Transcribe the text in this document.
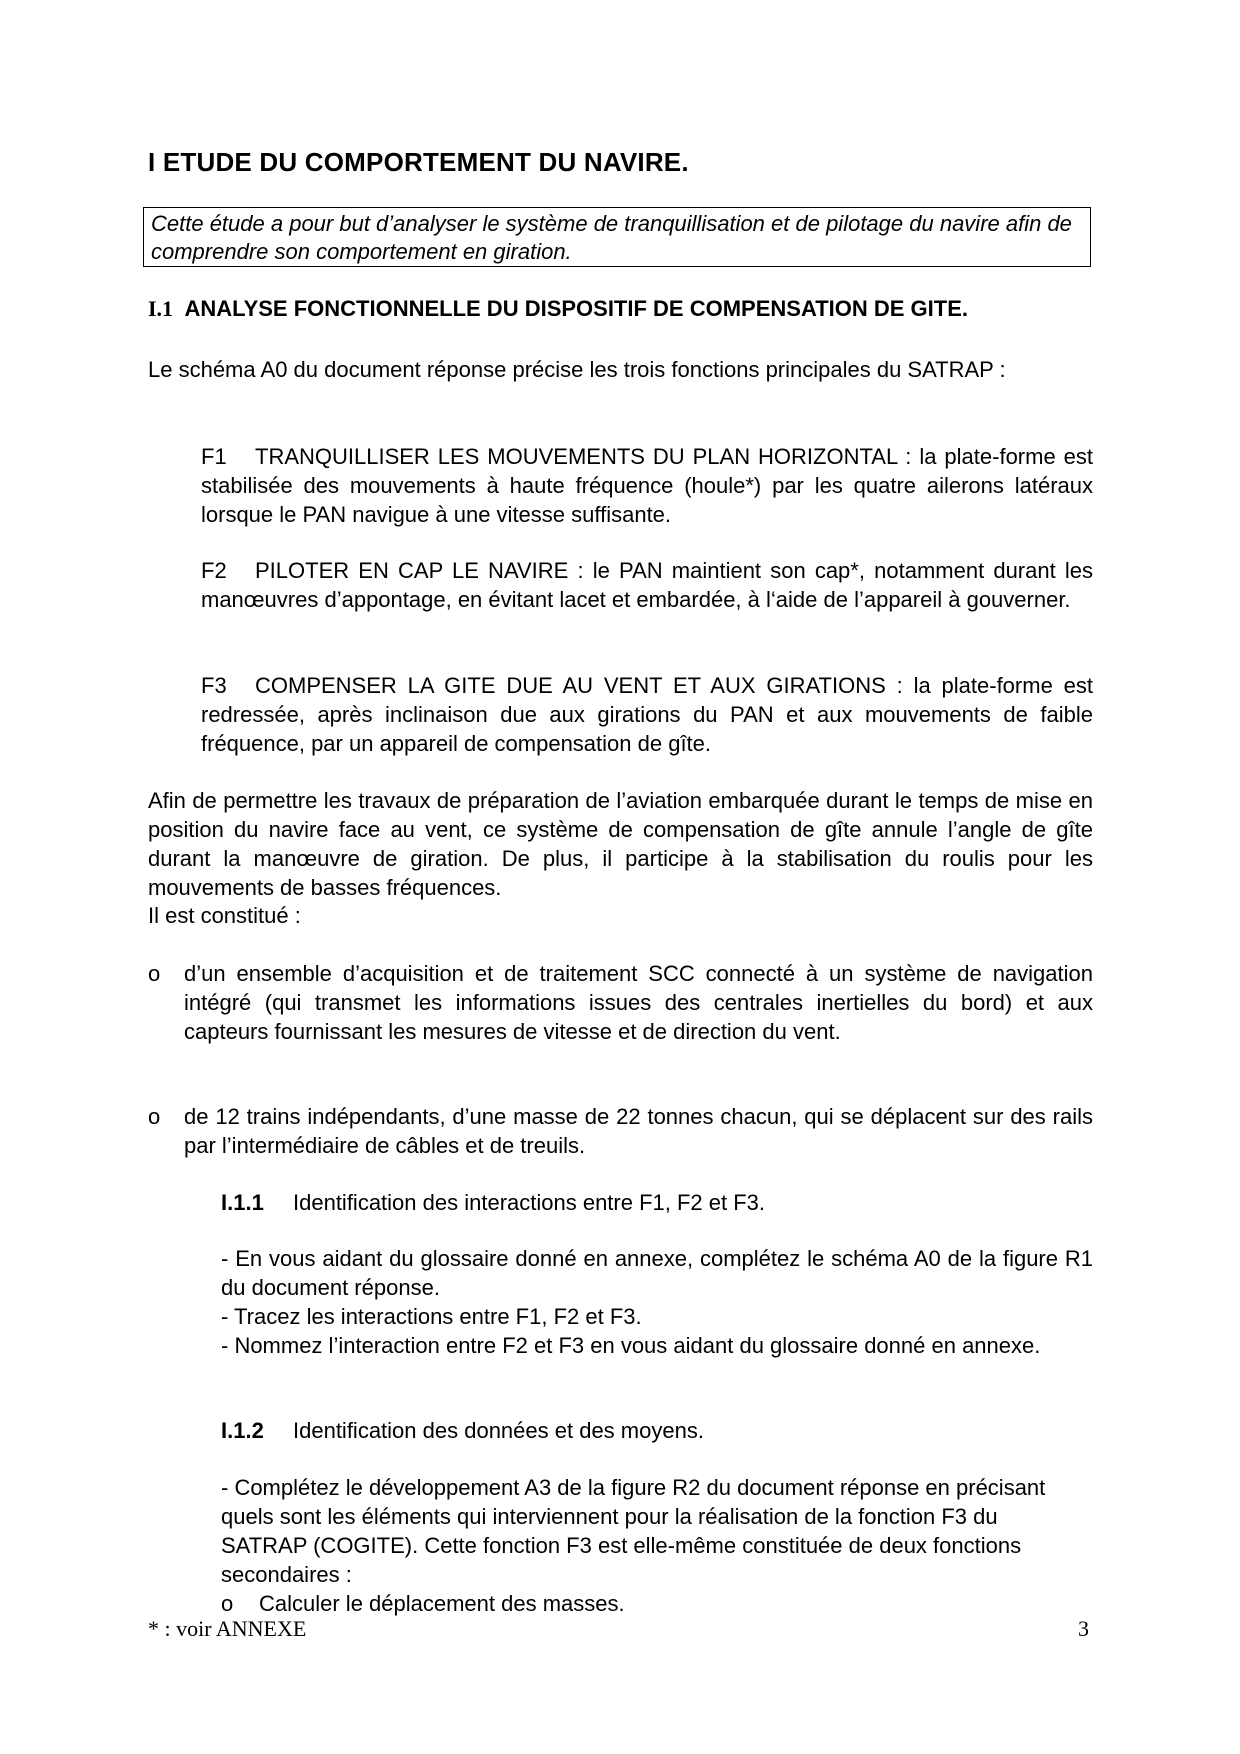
I ETUDE DU COMPORTEMENT DU NAVIRE.
Cette étude a pour but d’analyser le système de tranquillisation et de pilotage du navire afin de comprendre son comportement en giration.
I.1 ANALYSE FONCTIONNELLE DU DISPOSITIF DE COMPENSATION DE GITE.

Le schéma A0 du document réponse précise les trois fonctions principales du SATRAP :

F1 TRANQUILLISER LES MOUVEMENTS DU PLAN HORIZONTAL : la plate-forme est stabilisée des mouvements à haute fréquence (houle*) par les quatre ailerons latéraux lorsque le PAN navigue à une vitesse suffisante.

F2 PILOTER EN CAP LE NAVIRE : le PAN maintient son cap*, notamment durant les manœuvres d’appontage, en évitant lacet et embardée, à l‘aide de l’appareil à gouverner.

F3 COMPENSER LA GITE DUE AU VENT ET AUX GIRATIONS : la plate-forme est redressée, après inclinaison due aux girations du PAN et aux mouvements de faible fréquence, par un appareil de compensation de gîte.

Afin de permettre les travaux de préparation de l’aviation embarquée durant le temps de mise en position du navire face au vent, ce système de compensation de gîte annule l’angle de gîte durant la manœuvre de giration. De plus, il participe à la stabilisation du roulis pour les mouvements de basses fréquences.

Il est constitué :

o d’un ensemble d’acquisition et de traitement SCC connecté à un système de navigation intégré (qui transmet les informations issues des centrales inertielles du bord) et aux capteurs fournissant les mesures de vitesse et de direction du vent.
o de 12 trains indépendants, d’une masse de 22 tonnes chacun, qui se déplacent sur des rails par l’intermédiaire de câbles et de treuils.
I.1.1 Identification des interactions entre F1, F2 et F3.

- En vous aidant du glossaire donné en annexe, complétez le schéma A0 de la figure R1 du document réponse.

- Tracez les interactions entre F1, F2 et F3.

- Nommez l’interaction entre F2 et F3 en vous aidant du glossaire donné en annexe.

I.1.2 Identification des données et des moyens.

- Complétez le développement A3 de la figure R2 du document réponse en précisant quels sont les éléments qui interviennent pour la réalisation de la fonction F3 du SATRAP (COGITE). Cette fonction F3 est elle-même constituée de deux fonctions secondaires :

o Calculer le déplacement des masses.
* : voir ANNEXE	3
